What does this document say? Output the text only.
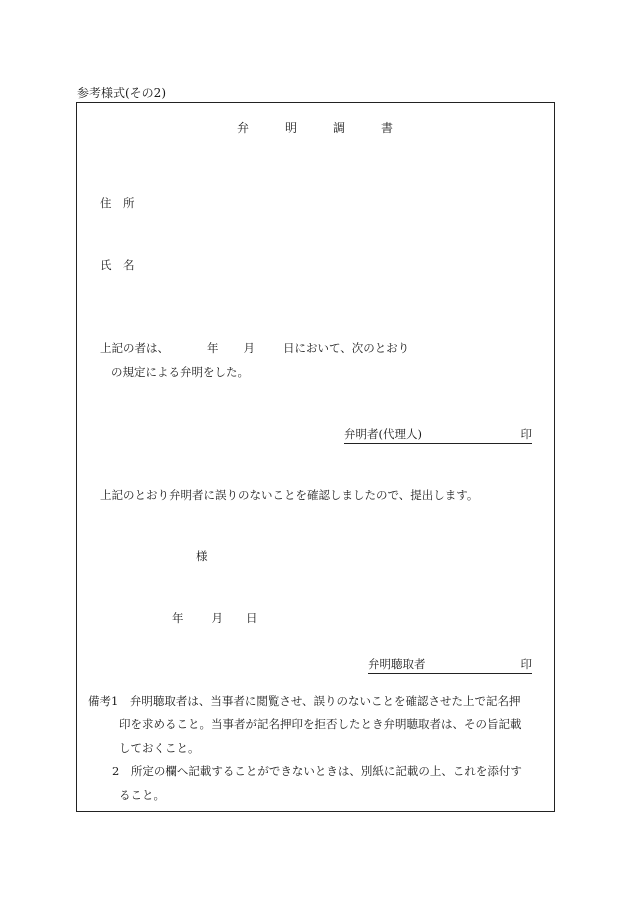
参考様式(その2)
弁	明	調	書
住　所
氏　名
上記の者は、	年 月 日において、次のとおり
の規定による弁明をした。
弁明者(代理人)	印
上記のとおり弁明者に誤りのないことを確認しましたので、提出します。
様
年 月 日
弁明聴取者	印
備考1　弁明聴取者は、当事者に閲覧させ、誤りのないことを確認させた上で記名押
印を求めること。当事者が記名押印を拒否したとき弁明聴取者は、その旨記載
しておくこと。
2　所定の欄へ記載することができないときは、別紙に記載の上、これを添付す
ること。
